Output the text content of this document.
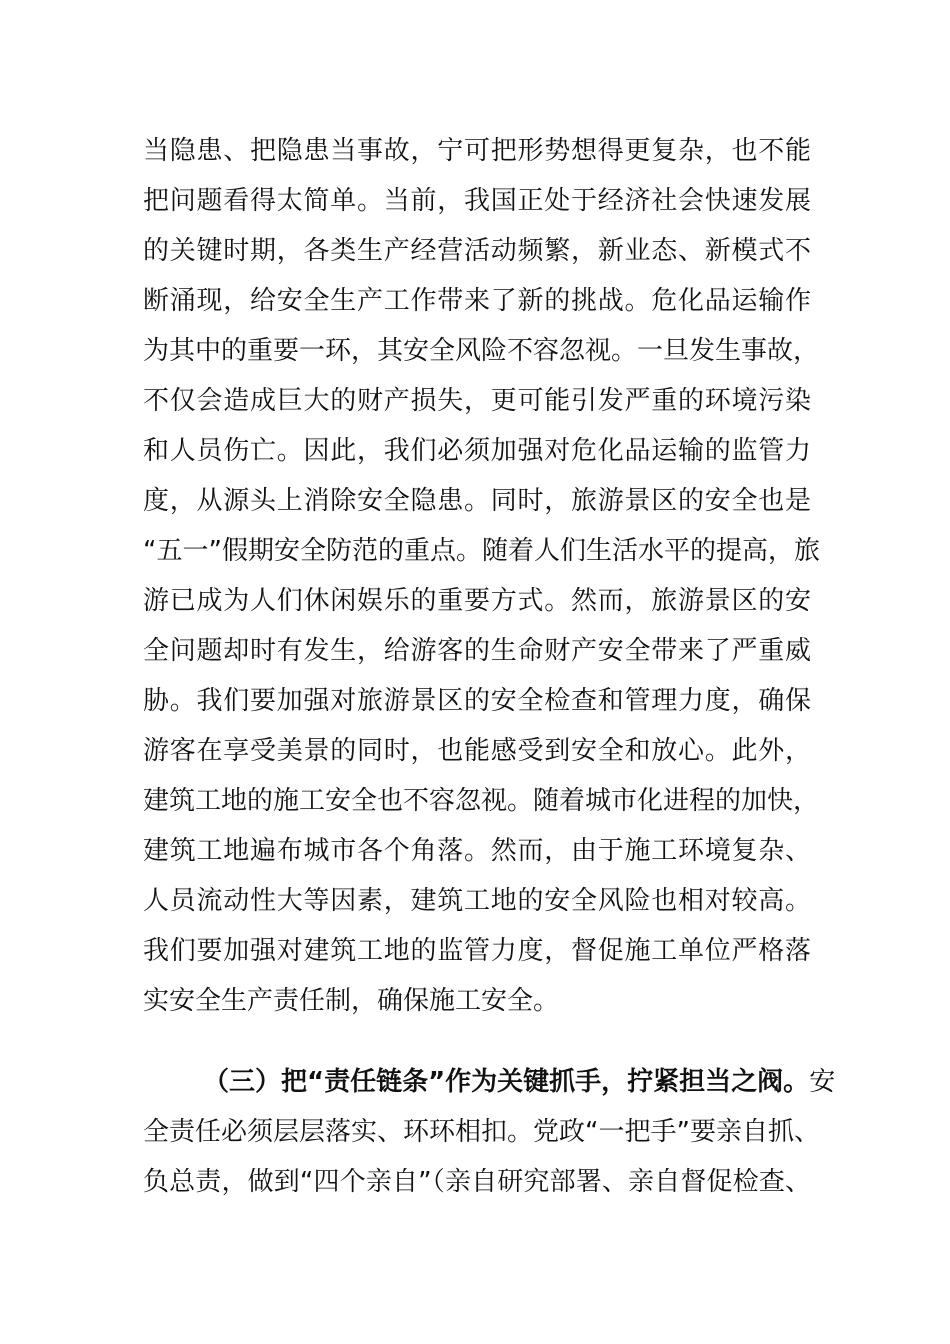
当隐患、把隐患当事故，宁可把形势想得更复杂，也不能
把问题看得太简单。当前，我国正处于经济社会快速发展
的关键时期，各类生产经营活动频繁，新业态、新模式不
断涌现，给安全生产工作带来了新的挑战。危化品运输作
为其中的重要一环，其安全风险不容忽视。一旦发生事故，
不仅会造成巨大的财产损失，更可能引发严重的环境污染
和人员伤亡。因此，我们必须加强对危化品运输的监管力
度，从源头上消除安全隐患。同时，旅游景区的安全也是
“五一”假期安全防范的重点。随着人们生活水平的提高，旅
游已成为人们休闲娱乐的重要方式。然而，旅游景区的安
全问题却时有发生，给游客的生命财产安全带来了严重威
胁。我们要加强对旅游景区的安全检查和管理力度，确保
游客在享受美景的同时，也能感受到安全和放心。此外，
建筑工地的施工安全也不容忽视。随着城市化进程的加快，
建筑工地遍布城市各个角落。然而，由于施工环境复杂、
人员流动性大等因素，建筑工地的安全风险也相对较高。
我们要加强对建筑工地的监管力度，督促施工单位严格落
实安全生产责任制，确保施工安全。
（三）把“责任链条”作为关键抓手，拧紧担当之阀。安
全责任必须层层落实、环环相扣。党政“一把手”要亲自抓、
负总责，做到“四个亲自”（亲自研究部署、亲自督促检查、
